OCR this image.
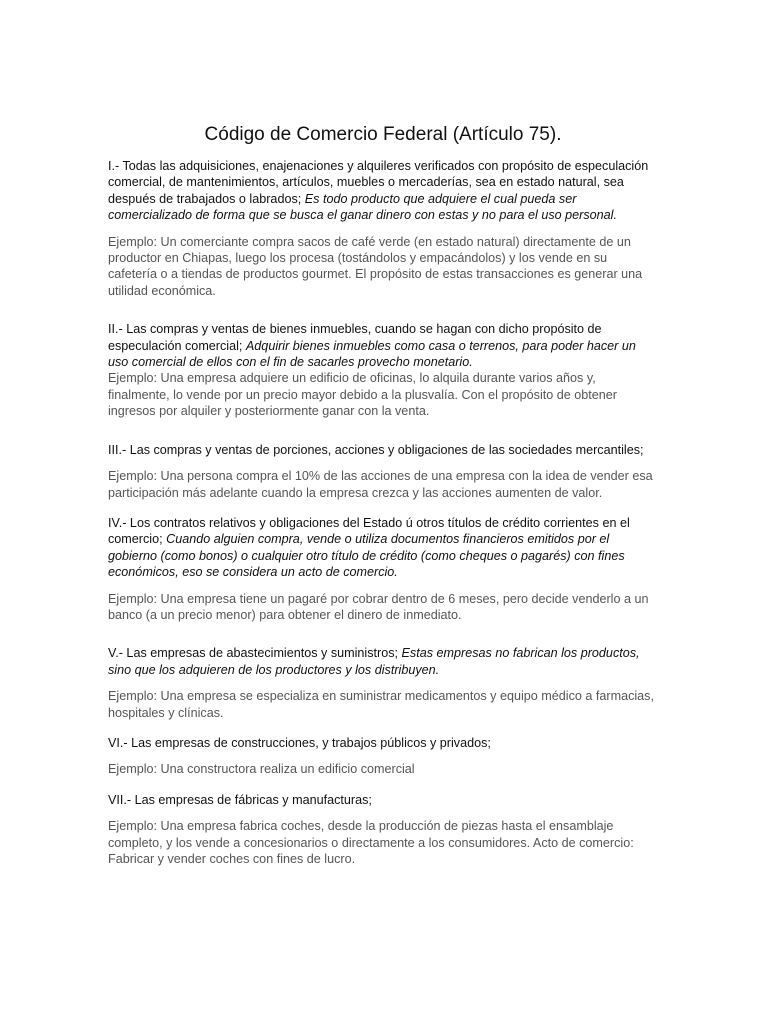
Código de Comercio Federal (Artículo 75).

I.- Todas las adquisiciones, enajenaciones y alquileres verificados con propósito de especulación comercial, de mantenimientos, artículos, muebles o mercaderías, sea en estado natural, sea después de trabajados o labrados; Es todo producto que adquiere el cual pueda ser comercializado de forma que se busca el ganar dinero con estas y no para el uso personal.

Ejemplo: Un comerciante compra sacos de café verde (en estado natural) directamente de un productor en Chiapas, luego los procesa (tostándolos y empacándolos) y los vende en su cafetería o a tiendas de productos gourmet. El propósito de estas transacciones es generar una utilidad económica.

II.- Las compras y ventas de bienes inmuebles, cuando se hagan con dicho propósito de especulación comercial; Adquirir bienes inmuebles como casa o terrenos, para poder hacer un uso comercial de ellos con el fin de sacarles provecho monetario.

Ejemplo: Una empresa adquiere un edificio de oficinas, lo alquila durante varios años y, finalmente, lo vende por un precio mayor debido a la plusvalía. Con el propósito de obtener ingresos por alquiler y posteriormente ganar con la venta.

III.- Las compras y ventas de porciones, acciones y obligaciones de las sociedades mercantiles;

Ejemplo: Una persona compra el 10% de las acciones de una empresa con la idea de vender esa participación más adelante cuando la empresa crezca y las acciones aumenten de valor.

IV.- Los contratos relativos y obligaciones del Estado ú otros títulos de crédito corrientes en el comercio; Cuando alguien compra, vende o utiliza documentos financieros emitidos por el gobierno (como bonos) o cualquier otro título de crédito (como cheques o pagarés) con fines económicos, eso se considera un acto de comercio.

Ejemplo: Una empresa tiene un pagaré por cobrar dentro de 6 meses, pero decide venderlo a un banco (a un precio menor) para obtener el dinero de inmediato.

V.- Las empresas de abastecimientos y suministros; Estas empresas no fabrican los productos, sino que los adquieren de los productores y los distribuyen.

Ejemplo: Una empresa se especializa en suministrar medicamentos y equipo médico a farmacias, hospitales y clínicas.

VI.- Las empresas de construcciones, y trabajos públicos y privados;

Ejemplo: Una constructora realiza un edificio comercial

VII.- Las empresas de fábricas y manufacturas;

Ejemplo: Una empresa fabrica coches, desde la producción de piezas hasta el ensamblaje completo, y los vende a concesionarios o directamente a los consumidores. Acto de comercio: Fabricar y vender coches con fines de lucro.
